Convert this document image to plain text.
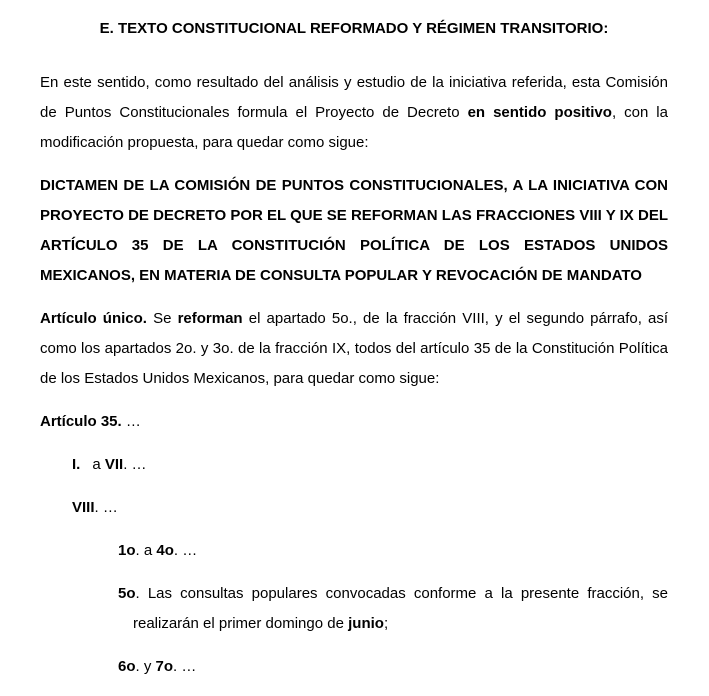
E. TEXTO CONSTITUCIONAL REFORMADO Y RÉGIMEN TRANSITORIO:

En este sentido, como resultado del análisis y estudio de la iniciativa referida, esta Comisión de Puntos Constitucionales formula el Proyecto de Decreto en sentido positivo, con la modificación propuesta, para quedar como sigue:

DICTAMEN DE LA COMISIÓN DE PUNTOS CONSTITUCIONALES, A LA INICIATIVA CON PROYECTO DE DECRETO POR EL QUE SE REFORMAN LAS FRACCIONES VIII Y IX DEL ARTÍCULO 35 DE LA CONSTITUCIÓN POLÍTICA DE LOS ESTADOS UNIDOS MEXICANOS, EN MATERIA DE CONSULTA POPULAR Y REVOCACIÓN DE MANDATO

Artículo único. Se reforman el apartado 5o., de la fracción VIII, y el segundo párrafo, así como los apartados 2o. y 3o. de la fracción IX, todos del artículo 35 de la Constitución Política de los Estados Unidos Mexicanos, para quedar como sigue:

Artículo 35. …

I. a VII. …

VIII. …

1o. a 4o. …

5o. Las consultas populares convocadas conforme a la presente fracción, se realizarán el primer domingo de junio;

6o. y 7o. …
